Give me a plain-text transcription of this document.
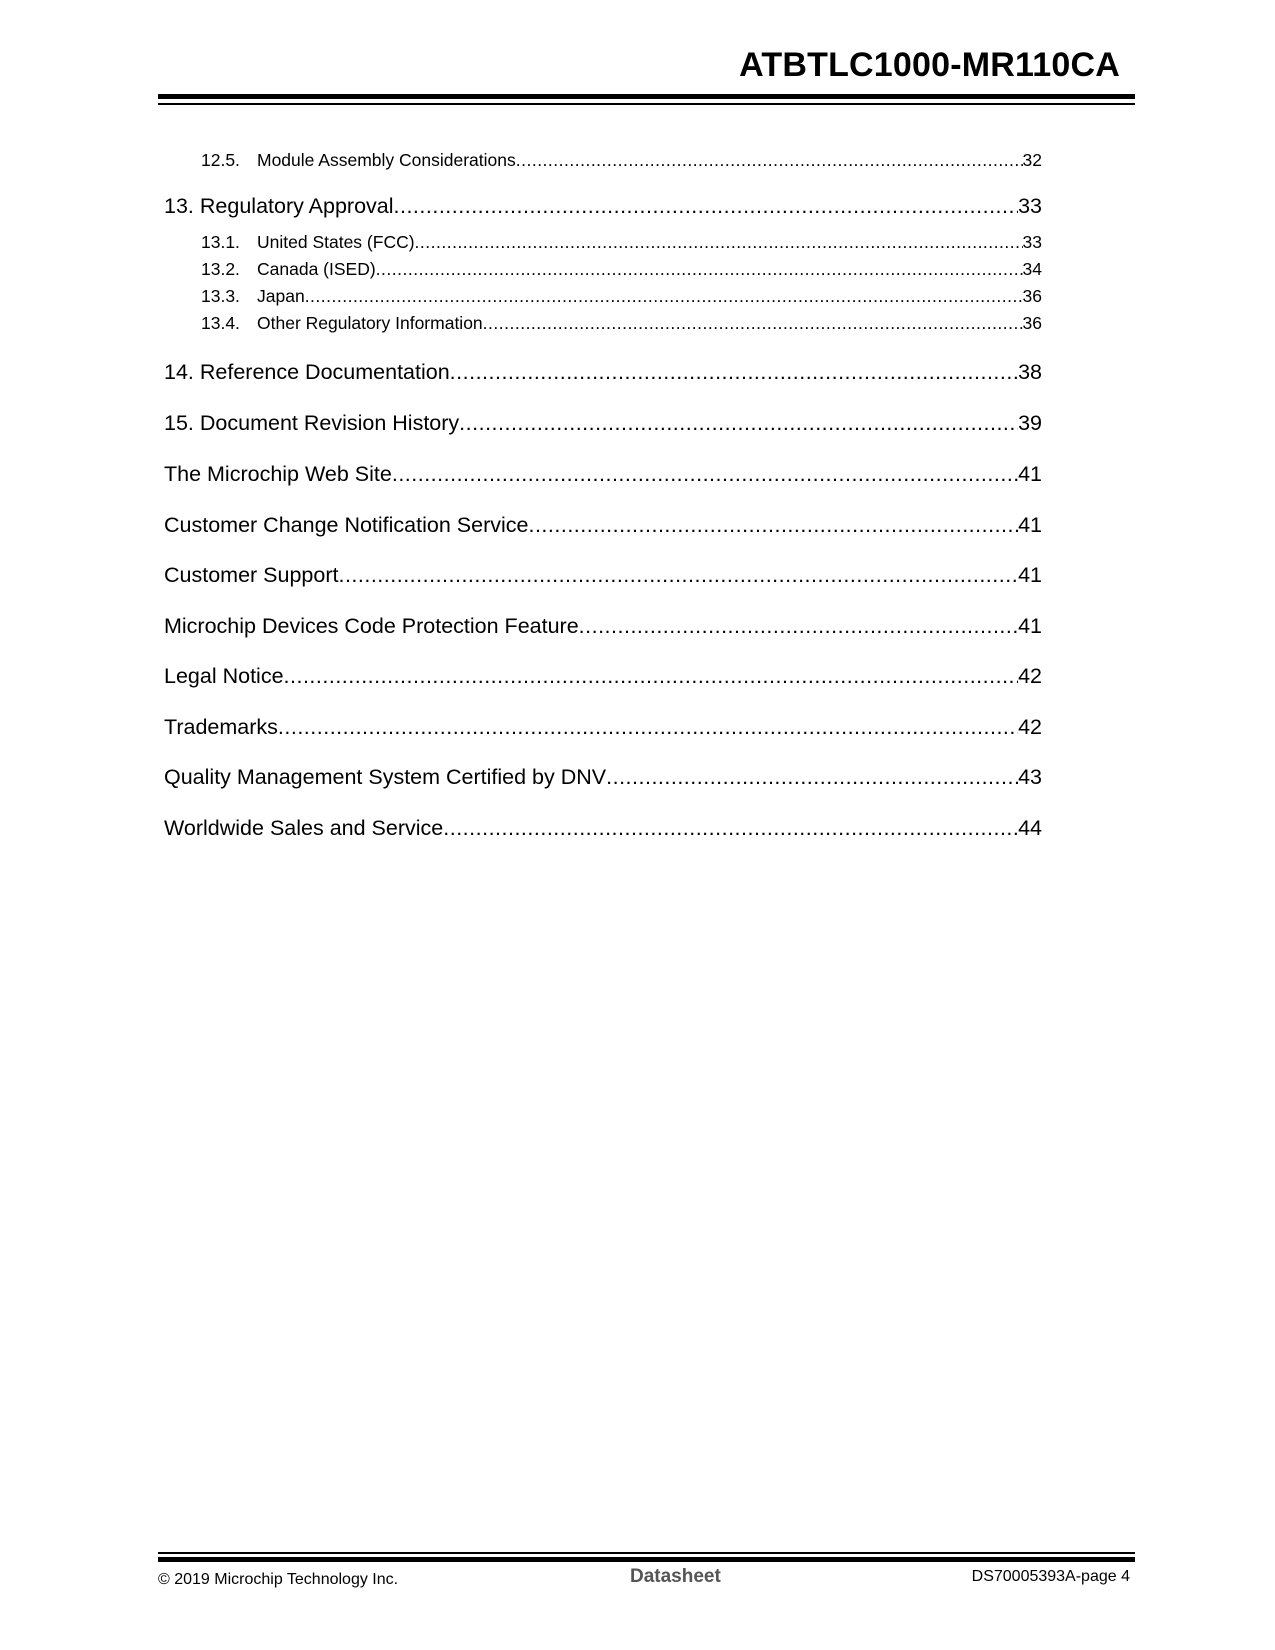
ATBTLC1000-MR110CA
12.5. Module Assembly Considerations .....	32
13. Regulatory Approval .....	33
13.1. United States (FCC) .....	33
13.2. Canada (ISED) .....	34
13.3. Japan .....	36
13.4. Other Regulatory Information .....	36
14. Reference Documentation .....	38
15. Document Revision History .....	39
The Microchip Web Site .....	41
Customer Change Notification Service .....	41
Customer Support .....	41
Microchip Devices Code Protection Feature .....	41
Legal Notice .....	42
Trademarks .....	42
Quality Management System Certified by DNV .....	43
Worldwide Sales and Service .....	44
© 2019 Microchip Technology Inc.	Datasheet	DS70005393A-page 4
